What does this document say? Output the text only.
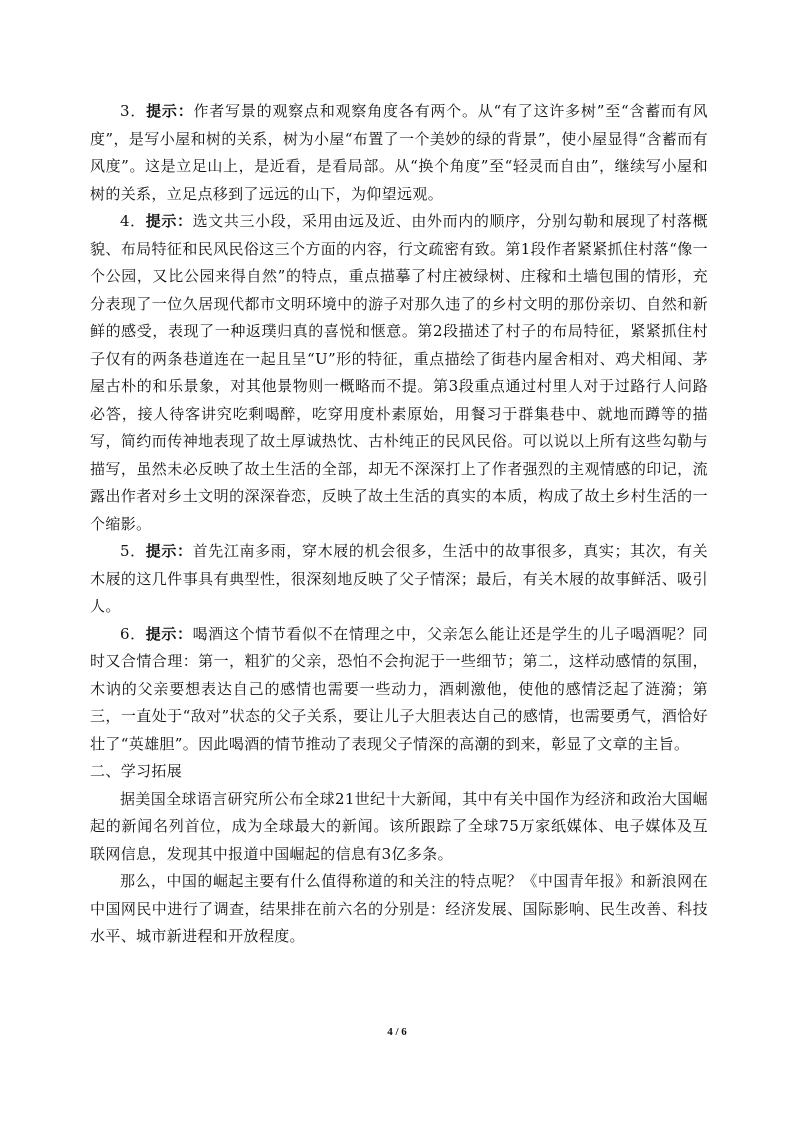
3．提示：作者写景的观察点和观察角度各有两个。从“有了这许多树”至“含蓄而有风度”，是写小屋和树的关系，树为小屋“布置了一个美妙的绿的背景”，使小屋显得“含蓄而有风度”。这是立足山上，是近看，是看局部。从“换个角度”至“轻灵而自由”，继续写小屋和树的关系，立足点移到了远远的山下，为仰望远观。

4．提示：选文共三小段，采用由远及近、由外而内的顺序，分别勾勒和展现了村落概貌、布局特征和民风民俗这三个方面的内容，行文疏密有致。第1段作者紧紧抓住村落“像一个公园，又比公园来得自然”的特点，重点描摹了村庄被绿树、庄稼和土墙包围的情形，充分表现了一位久居现代都市文明环境中的游子对那久违了的乡村文明的那份亲切、自然和新鲜的感受，表现了一种返璞归真的喜悦和惬意。第2段描述了村子的布局特征，紧紧抓住村子仅有的两条巷道连在一起且呈“U”形的特征，重点描绘了街巷内屋舍相对、鸡犬相闻、茅屋古朴的和乐景象，对其他景物则一概略而不提。第3段重点通过村里人对于过路行人问路必答，接人待客讲究吃剩喝醉，吃穿用度朴素原始，用餐习于群集巷中、就地而蹲等的描写，简约而传神地表现了故土厚诚热忱、古朴纯正的民风民俗。可以说以上所有这些勾勒与描写，虽然未必反映了故土生活的全部，却无不深深打上了作者强烈的主观情感的印记，流露出作者对乡土文明的深深眷恋，反映了故土生活的真实的本质，构成了故土乡村生活的一个缩影。

5．提示：首先江南多雨，穿木屐的机会很多，生活中的故事很多，真实；其次，有关木屐的这几件事具有典型性，很深刻地反映了父子情深；最后，有关木屐的故事鲜活、吸引人。

6．提示：喝酒这个情节看似不在情理之中，父亲怎么能让还是学生的儿子喝酒呢？同时又合情合理：第一，粗犷的父亲，恐怕不会拘泥于一些细节；第二，这样动感情的氛围，木讷的父亲要想表达自己的感情也需要一些动力，酒刺激他，使他的感情泛起了涟漪；第三，一直处于“敌对”状态的父子关系，要让儿子大胆表达自己的感情，也需要勇气，酒恰好壮了“英雄胆”。因此喝酒的情节推动了表现父子情深的高潮的到来，彰显了文章的主旨。

二、学习拓展

据美国全球语言研究所公布全球21世纪十大新闻，其中有关中国作为经济和政治大国崛起的新闻名列首位，成为全球最大的新闻。该所跟踪了全球75万家纸媒体、电子媒体及互联网信息，发现其中报道中国崛起的信息有3亿多条。

那么，中国的崛起主要有什么值得称道的和关注的特点呢？《中国青年报》和新浪网在中国网民中进行了调查，结果排在前六名的分别是：经济发展、国际影响、民生改善、科技水平、城市新进程和开放程度。

4 / 6
